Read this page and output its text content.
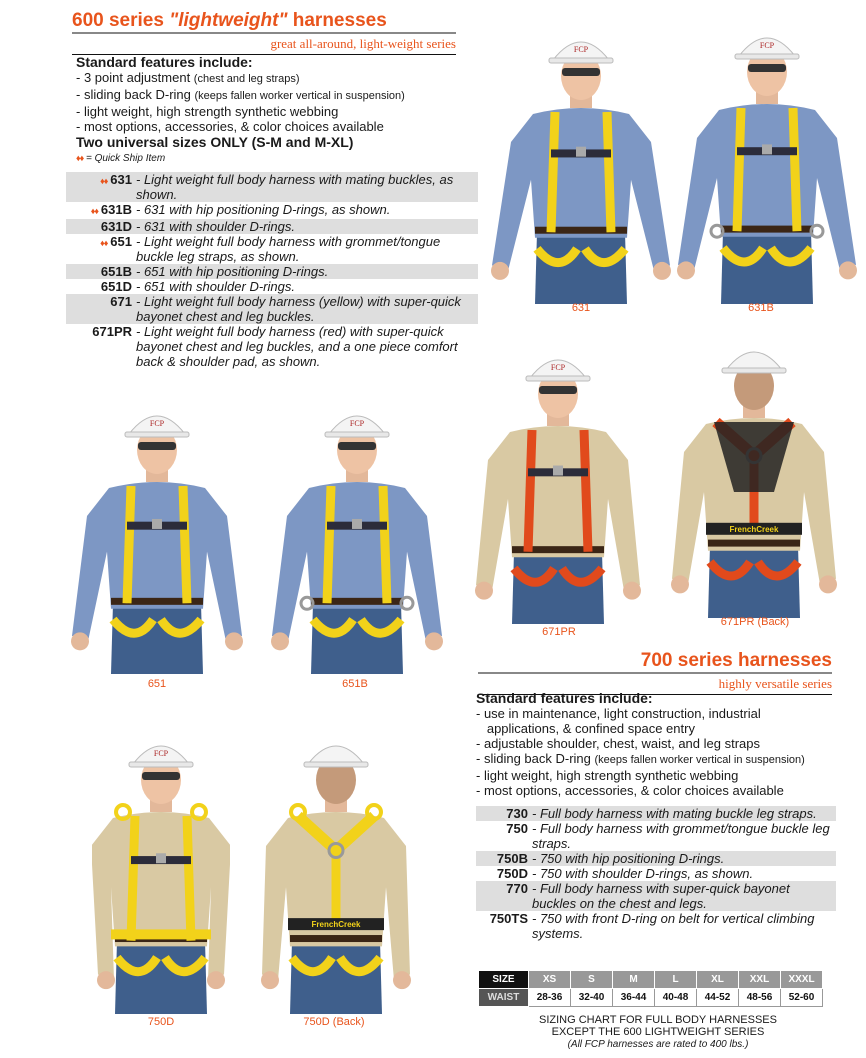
600 series "lightweight" harnesses
great all-around, light-weight series
Standard features include:
- 3 point adjustment (chest and leg straps)
- sliding back D-ring (keeps fallen worker vertical in suspension)
- light weight, high strength synthetic webbing
- most options, accessories, & color choices available
Two universal sizes ONLY (S-M and M-XL)
♦♦ = Quick Ship Item
♦♦ 631 - Light weight full body harness with mating buckles, as shown.
♦♦ 631B - 631 with hip positioning D-rings, as shown.
631D - 631 with shoulder D-rings.
♦♦ 651 - Light weight full body harness with grommet/tongue buckle leg straps, as shown.
651B - 651 with hip positioning D-rings.
651D - 651 with shoulder D-rings.
671 - Light weight full body harness (yellow) with super-quick bayonet chest and leg buckles.
671PR - Light weight full body harness (red) with super-quick bayonet chest and leg buckles, and a one piece comfort back & shoulder pad, as shown.
FCP
631
FCP
631B
FCP
651
FCP
651B
FCP
671PR
FrenchCreek
671PR (Back)
FCP
750D
FrenchCreek
750D (Back)
700 series harnesses
highly versatile series
Standard features include:
- use in maintenance, light construction, industrial
applications, & confined space entry
- adjustable shoulder, chest, waist, and leg straps
- sliding back D-ring (keeps fallen worker vertical in suspension)
- light weight, high strength synthetic webbing
- most options, accessories, & color choices available
730 - Full body harness with mating buckle leg straps.
750 - Full body harness with grommet/tongue buckle leg straps.
750B - 750 with hip positioning D-rings.
750D - 750 with shoulder D-rings, as shown.
770 - Full body harness with super-quick bayonet buckles on the chest and legs.
750TS - 750 with front D-ring on belt for vertical climbing systems.
SIZE	XS	S	M	L	XL	XXL	XXXL
WAIST	28-36	32-40	36-44	40-48	44-52	48-56	52-60
SIZING CHART FOR FULL BODY HARNESSES
EXCEPT THE 600 LIGHTWEIGHT SERIES
(All FCP harnesses are rated to 400 lbs.)
